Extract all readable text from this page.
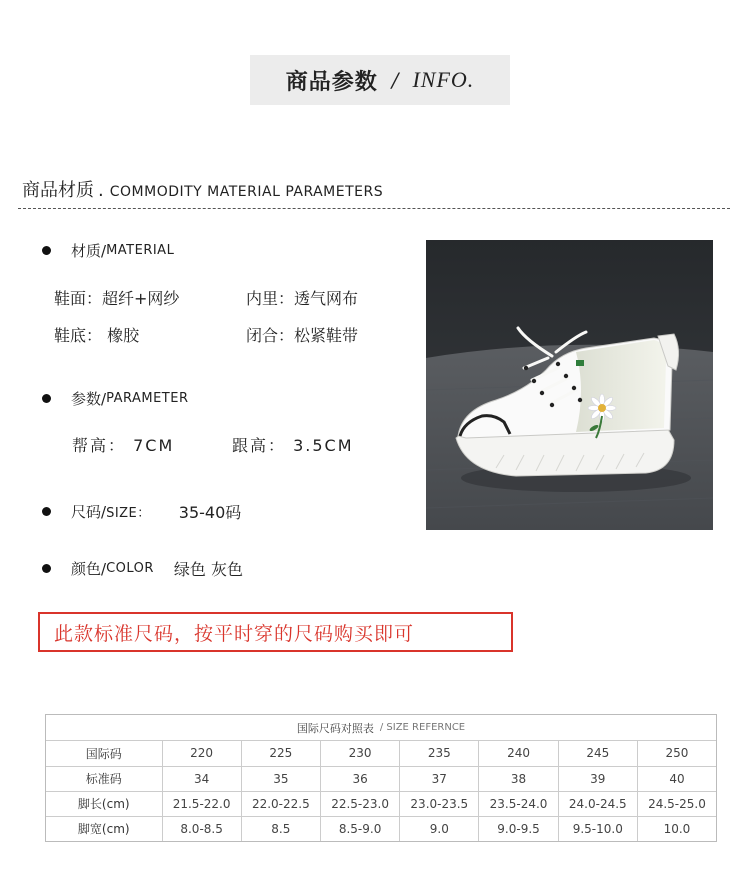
商品参数 / INFO.
商品材质 . COMMODITY MATERIAL PARAMETERS
材质/ MATERIAL
鞋面：超纤+网纱	内里：透气网布
鞋底： 橡胶	闭合：松紧鞋带
参数/ PARAMETER
帮高： 7CM	跟高： 3.5CM
尺码/ SIZE： 35-40码
颜色/ COLOR 绿色 灰色
此款标准尺码，按平时穿的尺码购买即可
国际尺码对照表 / SIZE REFERNCE
国际码	220	225	230	235	240	245	250
标准码	34	35	36	37	38	39	40
脚长(cm)	21.5-22.0	22.0-22.5	22.5-23.0	23.0-23.5	23.5-24.0	24.0-24.5	24.5-25.0
脚宽(cm)	8.0-8.5	8.5	8.5-9.0	9.0	9.0-9.5	9.5-10.0	10.0
